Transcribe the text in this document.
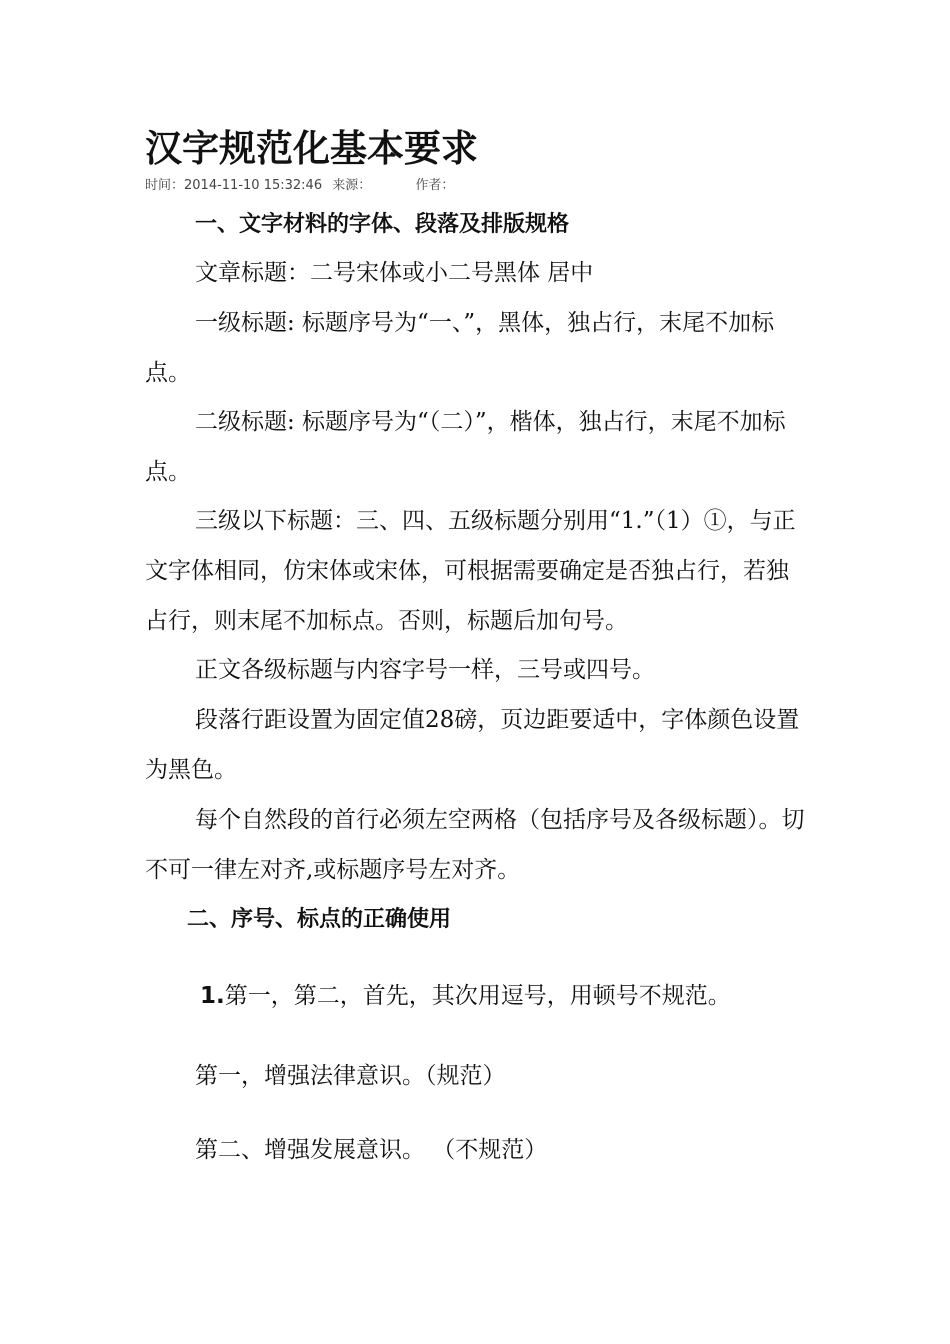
汉字规范化基本要求
时间：2014-11-10 15:32:46 来源：	作者：
一、文字材料的字体、段落及排版规格

文章标题：二号宋体或小二号黑体 居中

一级标题: 标题序号为“一、”，黑体，独占行，末尾不加标点。

二级标题: 标题序号为“（二）”，楷体，独占行，末尾不加标点。

三级以下标题：三、四、五级标题分别用“1.”（1）①，与正文字体相同，仿宋体或宋体，可根据需要确定是否独占行，若独占行，则末尾不加标点。否则，标题后加句号。

正文各级标题与内容字号一样，三号或四号。

段落行距设置为固定值28磅，页边距要适中，字体颜色设置为黑色。

每个自然段的首行必须左空两格（包括序号及各级标题）。切不可一律左对齐,或标题序号左对齐。

二、序号、标点的正确使用

1.第一，第二，首先，其次用逗号，用顿号不规范。

第一，增强法律意识。（规范）

第二、增强发展意识。 （不规范）
